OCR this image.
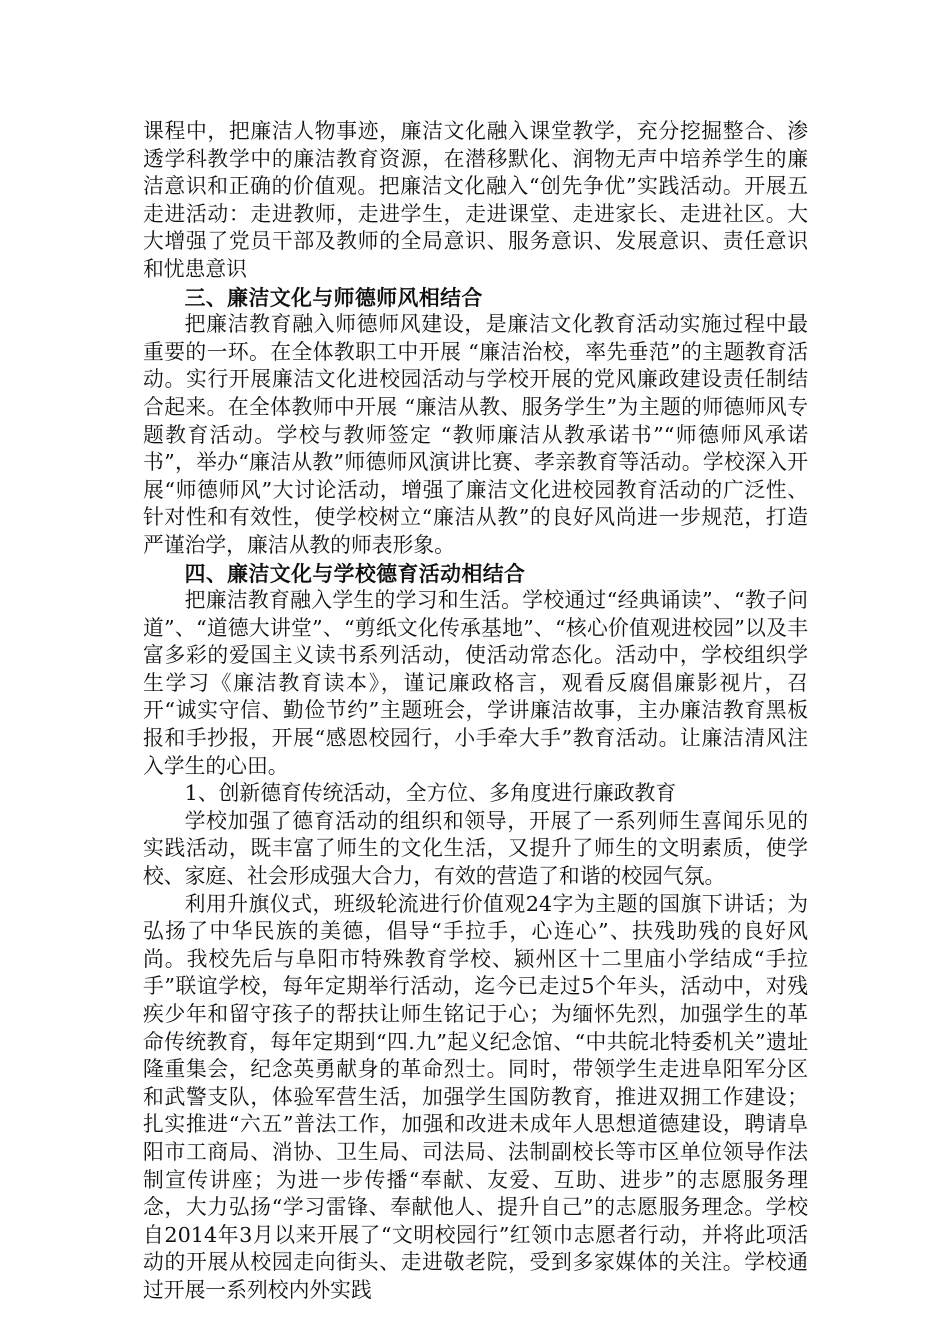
课程中，把廉洁人物事迹，廉洁文化融入课堂教学，充分挖掘整合、渗透学科教学中的廉洁教育资源，在潜移默化、润物无声中培养学生的廉洁意识和正确的价值观。把廉洁文化融入“创先争优”实践活动。开展五走进活动：走进教师，走进学生，走进课堂、走进家长、走进社区。大大增强了党员干部及教师的全局意识、服务意识、发展意识、责任意识和忧患意识

三、廉洁文化与师德师风相结合

把廉洁教育融入师德师风建设，是廉洁文化教育活动实施过程中最重要的一环。在全体教职工中开展 “廉洁治校，率先垂范”的主题教育活动。实行开展廉洁文化进校园活动与学校开展的党风廉政建设责任制结合起来。在全体教师中开展 “廉洁从教、服务学生”为主题的师德师风专题教育活动。学校与教师签定 “教师廉洁从教承诺书”“师德师风承诺书”，举办“廉洁从教”师德师风演讲比赛、孝亲教育等活动。学校深入开展“师德师风”大讨论活动，增强了廉洁文化进校园教育活动的广泛性、针对性和有效性，使学校树立“廉洁从教”的良好风尚进一步规范，打造严谨治学，廉洁从教的师表形象。

四、廉洁文化与学校德育活动相结合

把廉洁教育融入学生的学习和生活。学校通过“经典诵读”、“教子问道”、“道德大讲堂”、“剪纸文化传承基地”、“核心价值观进校园”以及丰富多彩的爱国主义读书系列活动，使活动常态化。活动中，学校组织学生学习《廉洁教育读本》，谨记廉政格言，观看反腐倡廉影视片，召开“诚实守信、勤俭节约”主题班会，学讲廉洁故事，主办廉洁教育黑板报和手抄报，开展“感恩校园行，小手牵大手”教育活动。让廉洁清风注入学生的心田。

1、创新德育传统活动，全方位、多角度进行廉政教育

学校加强了德育活动的组织和领导，开展了一系列师生喜闻乐见的实践活动，既丰富了师生的文化生活，又提升了师生的文明素质，使学校、家庭、社会形成强大合力，有效的营造了和谐的校园气氛。

利用升旗仪式，班级轮流进行价值观24字为主题的国旗下讲话；为弘扬了中华民族的美德，倡导“手拉手，心连心”、扶残助残的良好风尚。我校先后与阜阳市特殊教育学校、颍州区十二里庙小学结成“手拉手”联谊学校，每年定期举行活动，迄今已走过5个年头，活动中，对残疾少年和留守孩子的帮扶让师生铭记于心；为缅怀先烈，加强学生的革命传统教育，每年定期到“四.九”起义纪念馆、“中共皖北特委机关”遗址隆重集会，纪念英勇献身的革命烈士。同时，带领学生走进阜阳军分区和武警支队，体验军营生活，加强学生国防教育，推进双拥工作建设；扎实推进“六五”普法工作，加强和改进未成年人思想道德建设，聘请阜阳市工商局、消协、卫生局、司法局、法制副校长等市区单位领导作法制宣传讲座；为进一步传播“奉献、友爱、互助、进步”的志愿服务理念，大力弘扬“学习雷锋、奉献他人、提升自己”的志愿服务理念。学校自2014年3月以来开展了“文明校园行”红领巾志愿者行动，并将此项活动的开展从校园走向街头、走进敬老院，受到多家媒体的关注。学校通过开展一系列校内外实践
